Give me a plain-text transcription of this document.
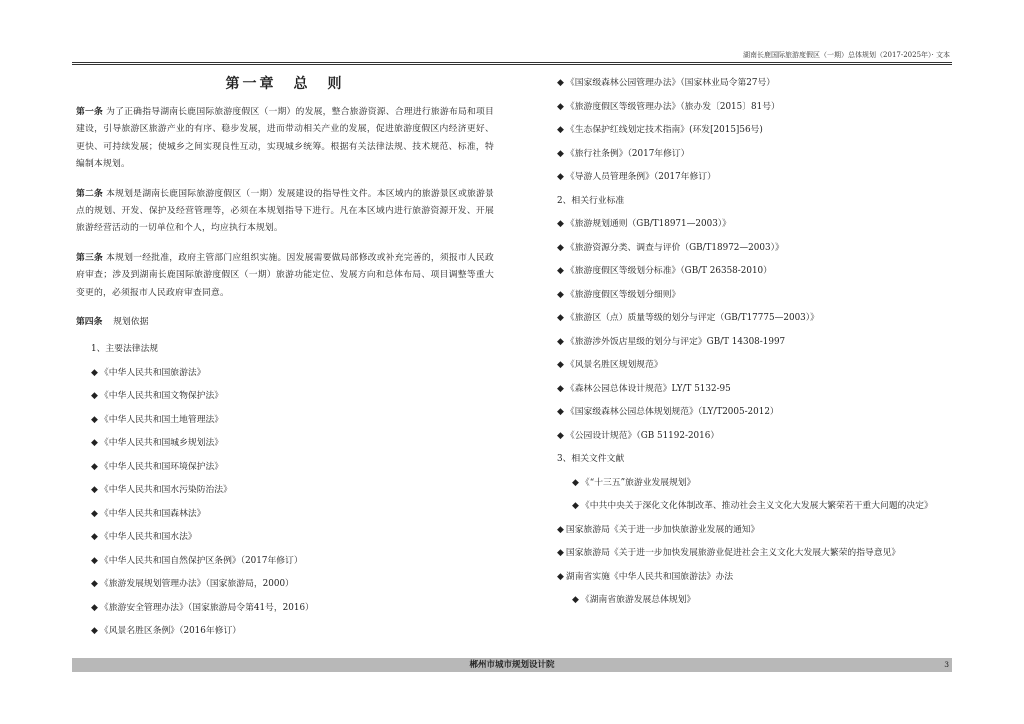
湖南长鹿国际旅游度假区（一期）总体规划（2017-2025年）· 文本
第一章　总　则
第一条 为了正确指导湖南长鹿国际旅游度假区（一期）的发展，整合旅游资源、合理进行旅游布局和项目建设，引导旅游区旅游产业的有序、稳步发展，进而带动相关产业的发展，促进旅游度假区内经济更好、更快、可持续发展；使城乡之间实现良性互动，实现城乡统筹。根据有关法律法规、技术规范、标准，特编制本规划。
第二条 本规划是湖南长鹿国际旅游度假区（一期）发展建设的指导性文件。本区域内的旅游景区或旅游景点的规划、开发、保护及经营管理等，必须在本规划指导下进行。凡在本区域内进行旅游资源开发、开展旅游经营活动的一切单位和个人，均应执行本规划。
第三条 本规划一经批准，政府主管部门应组织实施。因发展需要做局部修改或补充完善的，须报市人民政府审查；涉及到湖南长鹿国际旅游度假区（一期）旅游功能定位、发展方向和总体布局、项目调整等重大变更的，必须报市人民政府审查同意。
第四条 规划依据
1、主要法律法规
◆ 《中华人民共和国旅游法》
◆ 《中华人民共和国文物保护法》
◆ 《中华人民共和国土地管理法》
◆ 《中华人民共和国城乡规划法》
◆ 《中华人民共和国环境保护法》
◆ 《中华人民共和国水污染防治法》
◆ 《中华人民共和国森林法》
◆ 《中华人民共和国水法》
◆ 《中华人民共和国自然保护区条例》（2017年修订）
◆ 《旅游发展规划管理办法》（国家旅游局，2000）
◆ 《旅游安全管理办法》（国家旅游局令第41号，2016）
◆ 《风景名胜区条例》（2016年修订）
◆ 《国家级森林公园管理办法》（国家林业局令第27号）
◆ 《旅游度假区等级管理办法》（旅办发〔2015〕81号）
◆ 《生态保护红线划定技术指南》(环发[2015]56号)
◆ 《旅行社条例》（2017年修订）
◆ 《导游人员管理条例》（2017年修订）
2、相关行业标准
◆ 《旅游规划通则（GB/T18971—2003）》
◆ 《旅游资源分类、调查与评价（GB/T18972—2003）》
◆ 《旅游度假区等级划分标准》（GB/T 26358-2010）
◆ 《旅游度假区等级划分细则》
◆ 《旅游区（点）质量等级的划分与评定（GB/T17775—2003）》
◆ 《旅游涉外饭店星级的划分与评定》GB/T 14308-1997
◆ 《风景名胜区规划规范》
◆ 《森林公园总体设计规范》LY/T 5132-95
◆ 《国家级森林公园总体规划规范》（LY/T2005-2012）
◆ 《公园设计规范》（GB 51192-2016）
3、相关文件文献
◆ 《“十三五”旅游业发展规划》
◆ 《中共中央关于深化文化体制改革、推动社会主义文化大发展大繁荣若干重大问题的决定》
◆ 国家旅游局《关于进一步加快旅游业发展的通知》
◆ 国家旅游局《关于进一步加快发展旅游业促进社会主义文化大发展大繁荣的指导意见》
◆ 湖南省实施《中华人民共和国旅游法》办法
◆ 《湖南省旅游发展总体规划》
郴州市城市规划设计院	3
